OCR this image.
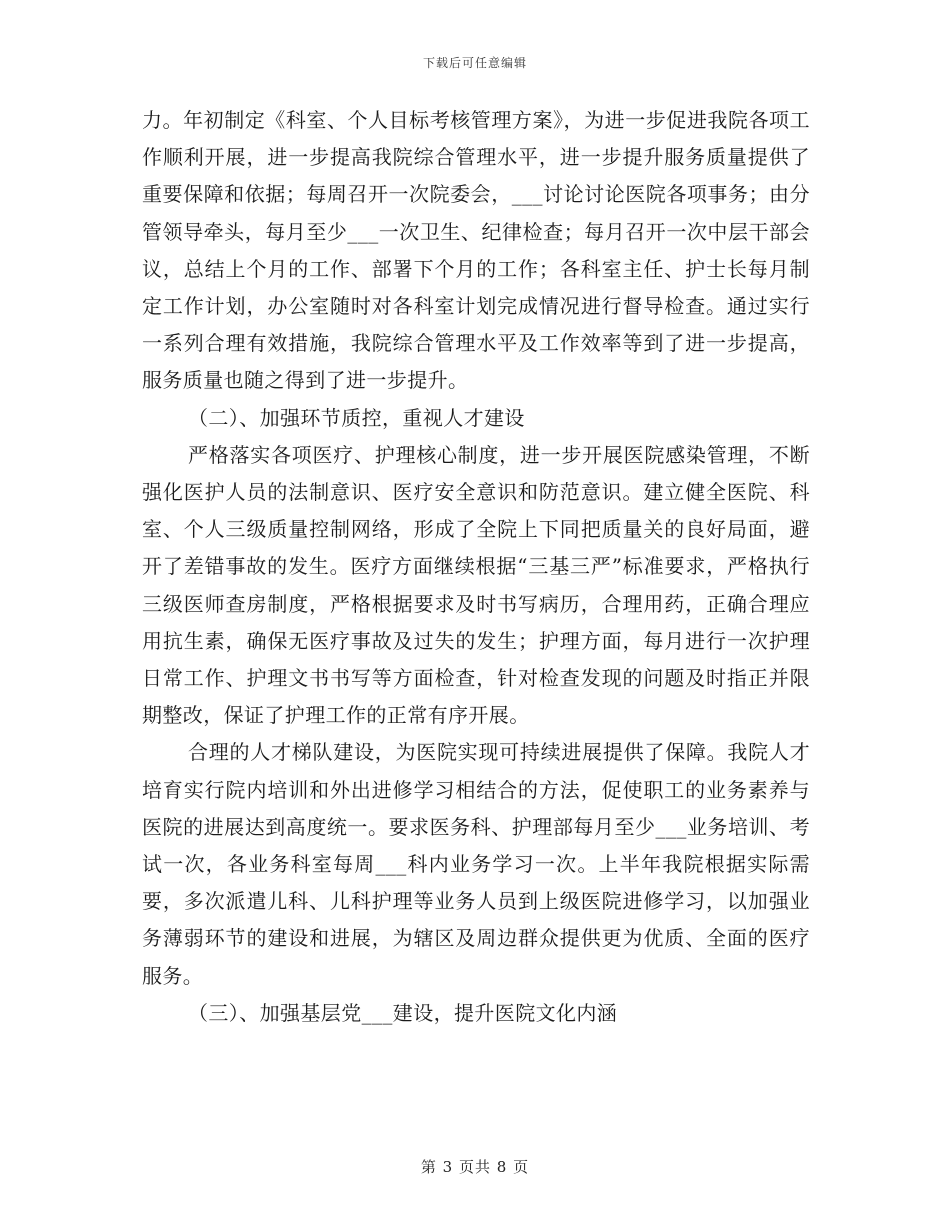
下载后可任意编辑

力。年初制定《科室、个人目标考核管理方案》，为进一步促进我院各项工作顺利开展，进一步提高我院综合管理水平，进一步提升服务质量提供了重要保障和依据；每周召开一次院委会，___讨论讨论医院各项事务；由分管领导牵头，每月至少___一次卫生、纪律检查；每月召开一次中层干部会议，总结上个月的工作、部署下个月的工作；各科室主任、护士长每月制定工作计划，办公室随时对各科室计划完成情况进行督导检查。通过实行一系列合理有效措施，我院综合管理水平及工作效率等到了进一步提高，服务质量也随之得到了进一步提升。

（二）、加强环节质控，重视人才建设

严格落实各项医疗、护理核心制度，进一步开展医院感染管理，不断强化医护人员的法制意识、医疗安全意识和防范意识。建立健全医院、科室、个人三级质量控制网络，形成了全院上下同把质量关的良好局面，避开了差错事故的发生。医疗方面继续根据“三基三严”标准要求，严格执行三级医师查房制度，严格根据要求及时书写病历，合理用药，正确合理应用抗生素，确保无医疗事故及过失的发生；护理方面，每月进行一次护理日常工作、护理文书书写等方面检查，针对检查发现的问题及时指正并限期整改，保证了护理工作的正常有序开展。

合理的人才梯队建设，为医院实现可持续进展提供了保障。我院人才培育实行院内培训和外出进修学习相结合的方法，促使职工的业务素养与医院的进展达到高度统一。要求医务科、护理部每月至少___业务培训、考试一次，各业务科室每周___科内业务学习一次。上半年我院根据实际需要，多次派遣儿科、儿科护理等业务人员到上级医院进修学习，以加强业务薄弱环节的建设和进展，为辖区及周边群众提供更为优质、全面的医疗服务。

（三）、加强基层党___建设，提升医院文化内涵

第 3 页共 8 页
